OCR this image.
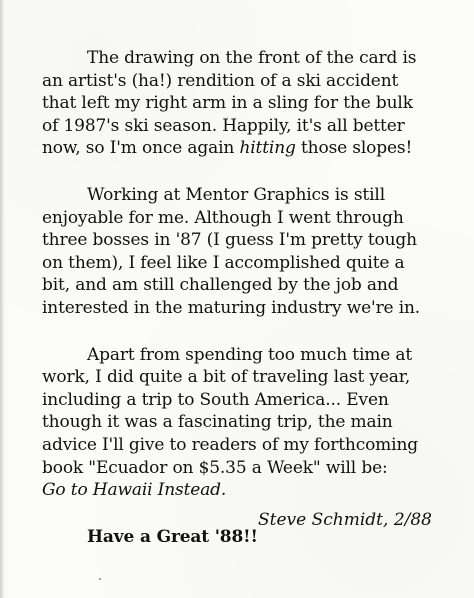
The drawing on the front of the card is
an artist's (ha!) rendition of a ski accident
that left my right arm in a sling for the bulk
of 1987's ski season. Happily, it's all better
now, so I'm once again hitting those slopes!
Working at Mentor Graphics is still
enjoyable for me. Although I went through
three bosses in '87 (I guess I'm pretty tough
on them), I feel like I accomplished quite a
bit, and am still challenged by the job and
interested in the maturing industry we're in.
Apart from spending too much time at
work, I did quite a bit of traveling last year,
including a trip to South America... Even
though it was a fascinating trip, the main
advice I'll give to readers of my forthcoming
book "Ecuador on $5.35 a Week" will be:
Go to Hawaii Instead.
Have a Great '88!!
Steve Schmidt, 2/88
